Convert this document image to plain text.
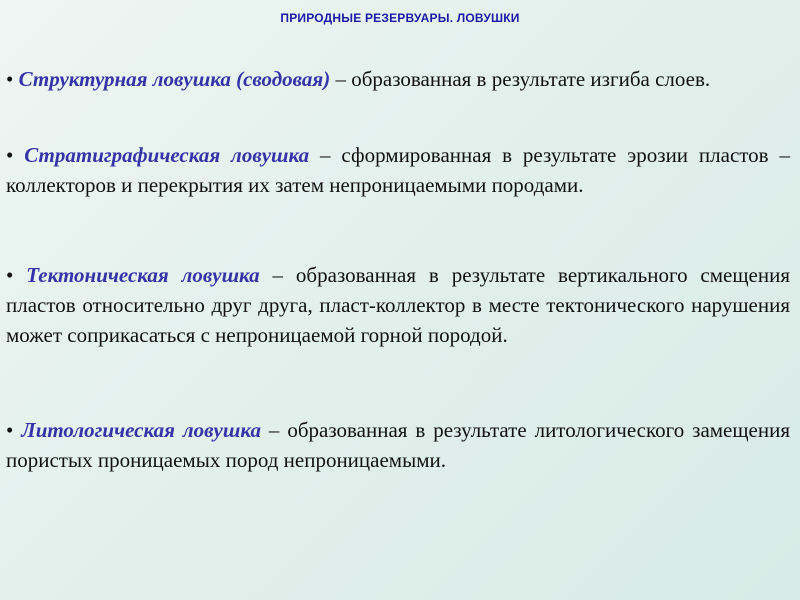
ПРИРОДНЫЕ РЕЗЕРВУАРЫ. ЛОВУШКИ
• Структурная ловушка (сводовая) – образованная в результате изгиба слоев.
• Стратиграфическая ловушка – сформированная в результате эрозии пластов – коллекторов и перекрытия их затем непроницаемыми породами.
• Тектоническая ловушка – образованная в результате вертикального смещения пластов относительно друг друга, пласт-коллектор в месте тектонического нарушения может соприкасаться с непроницаемой горной породой.
• Литологическая ловушка – образованная в результате литологического замещения пористых проницаемых пород непроницаемыми.
